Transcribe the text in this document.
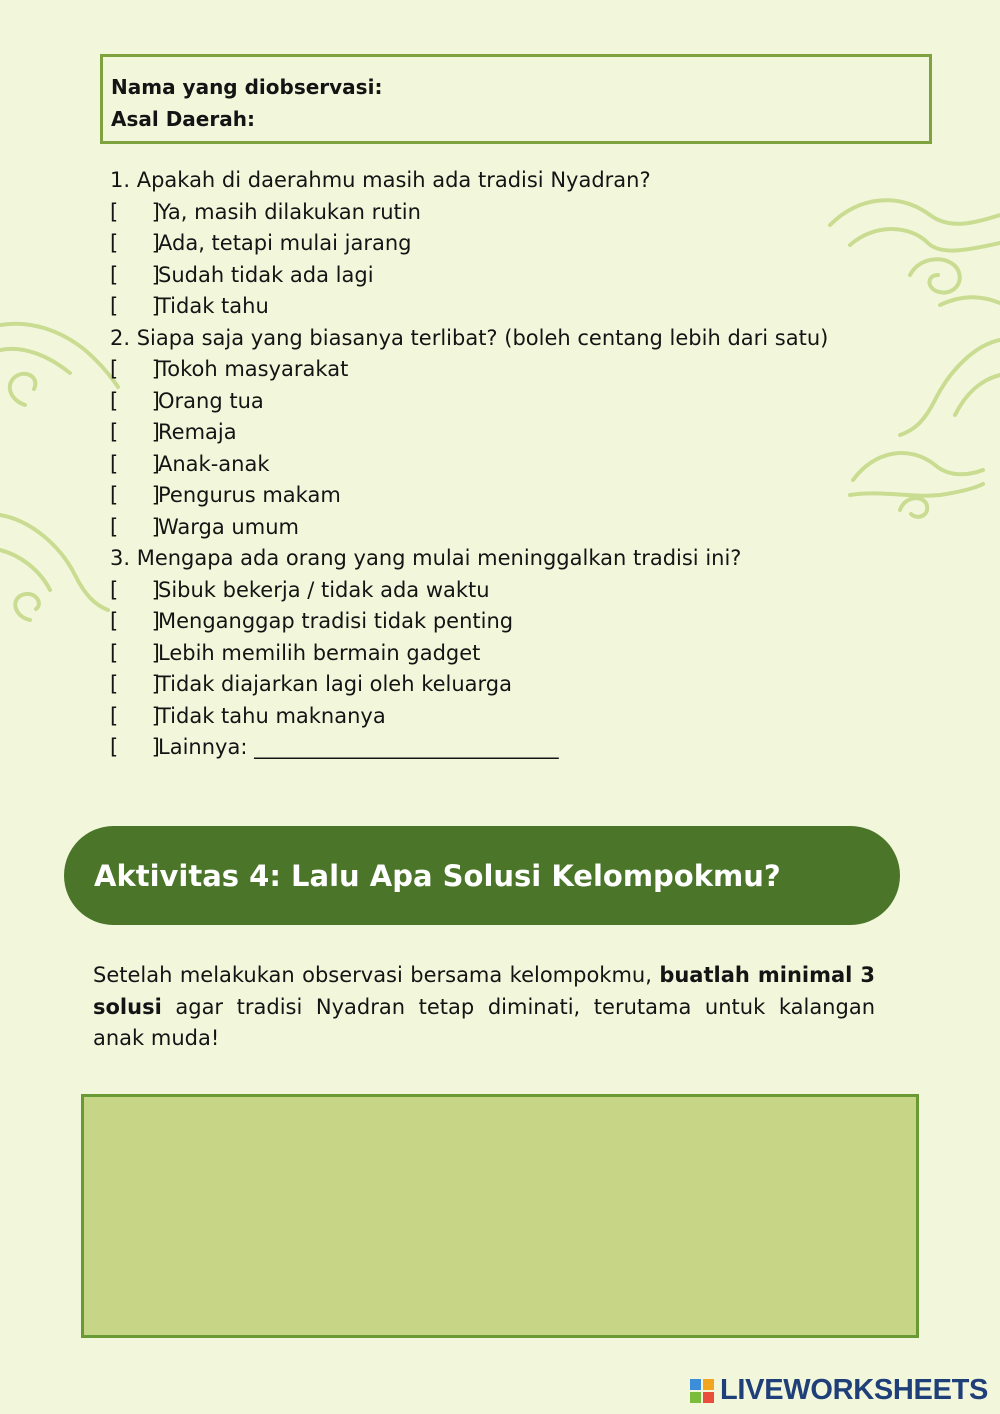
Nama yang diobservasi:
Asal Daerah:
1. Apakah di daerahmu masih ada tradisi Nyadran?
[ ]Ya, masih dilakukan rutin
[ ]Ada, tetapi mulai jarang
[ ]Sudah tidak ada lagi
[ ]Tidak tahu
2. Siapa saja yang biasanya terlibat? (boleh centang lebih dari satu)
[ ]Tokoh masyarakat
[ ]Orang tua
[ ]Remaja
[ ]Anak-anak
[ ]Pengurus makam
[ ]Warga umum
3. Mengapa ada orang yang mulai meninggalkan tradisi ini?
[ ]Sibuk bekerja / tidak ada waktu
[ ]Menganggap tradisi tidak penting
[ ]Lebih memilih bermain gadget
[ ]Tidak diajarkan lagi oleh keluarga
[ ]Tidak tahu maknanya
[ ]Lainnya: _____________________________
Aktivitas 4: Lalu Apa Solusi Kelompokmu?
Setelah melakukan observasi bersama kelompokmu, buatlah minimal 3 solusi agar tradisi Nyadran tetap diminati, terutama untuk kalangan anak muda!
LIVEWORKSHEETS
